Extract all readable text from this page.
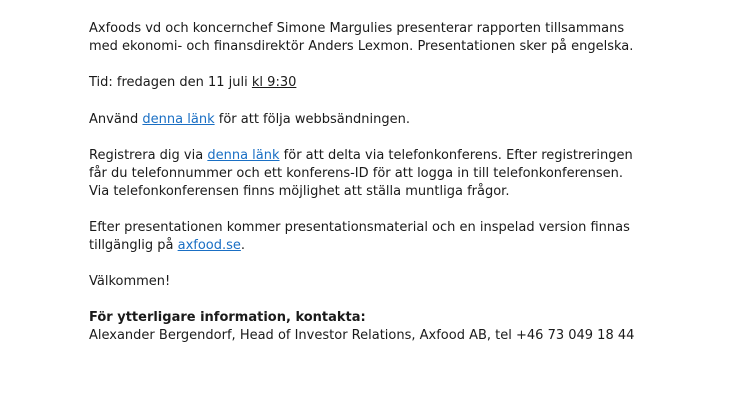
Axfoods vd och koncernchef Simone Margulies presenterar rapporten tillsammans
med ekonomi- och finansdirektör Anders Lexmon. Presentationen sker på engelska.

Tid: fredagen den 11 juli kl 9:30

Använd denna länk för att följa webbsändningen.

Registrera dig via denna länk för att delta via telefonkonferens. Efter registreringen
får du telefonnummer och ett konferens-ID för att logga in till telefonkonferensen.
Via telefonkonferensen finns möjlighet att ställa muntliga frågor.

Efter presentationen kommer presentationsmaterial och en inspelad version finnas
tillgänglig på axfood.se.

Välkommen!

För ytterligare information, kontakta:
Alexander Bergendorf, Head of Investor Relations, Axfood AB, tel +46 73 049 18 44
